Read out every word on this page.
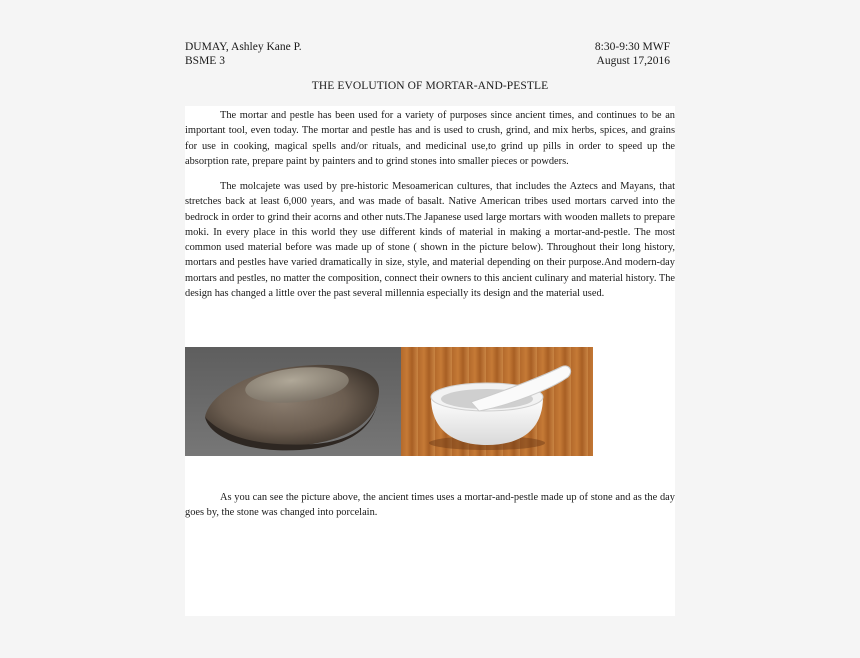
DUMAY, Ashley Kane P.
BSME 3
8:30-9:30 MWF
August 17,2016
THE EVOLUTION OF MORTAR-AND-PESTLE

The mortar and pestle has been used for a variety of purposes since ancient times, and continues to be an important tool, even today. The mortar and pestle has and is used to crush, grind, and mix herbs, spices, and grains for use in cooking, magical spells and/or rituals, and medicinal use,to grind up pills in order to speed up the absorption rate, prepare paint by painters and to grind stones into smaller pieces or powders.

The molcajete was used by pre-historic Mesoamerican cultures, that includes the Aztecs and Mayans, that stretches back at least 6,000 years, and was made of basalt. Native American tribes used mortars carved into the bedrock in order to grind their acorns and other nuts.The Japanese used large mortars with wooden mallets to prepare moki. In every place in this world they use different kinds of material in making a mortar-and-pestle. The most common used material before was made up of stone ( shown in the picture below). Throughout their long history, mortars and pestles have varied dramatically in size, style, and material depending on their purpose.And modern-day mortars and pestles, no matter the composition, connect their owners to this ancient culinary and material history. The design has changed a little over the past several millennia especially its design and the material used.

As you can see the picture above, the ancient times uses a mortar-and-pestle made up of stone and as the day goes by, the stone was changed into porcelain.
